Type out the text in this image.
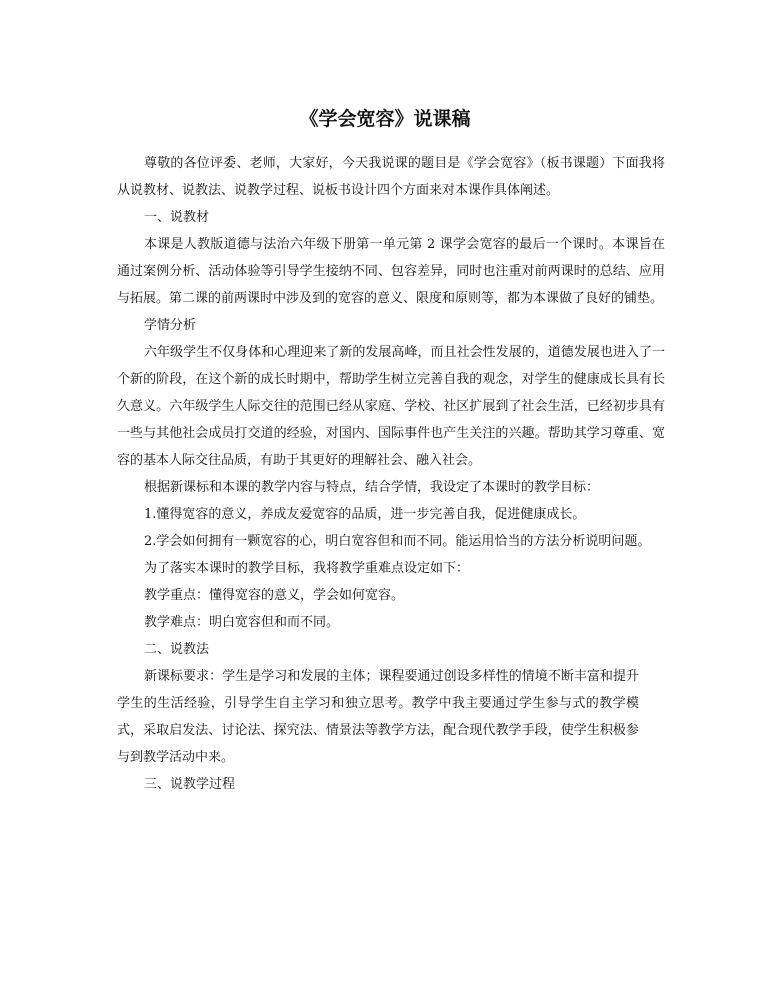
《学会宽容》说课稿

尊敬的各位评委、老师，大家好，今天我说课的题目是《学会宽容》（板书课题）下面我将从说教材、说教法、说教学过程、说板书设计四个方面来对本课作具体阐述。

一、说教材

本课是人教版道德与法治六年级下册第一单元第 2 课学会宽容的最后一个课时。本课旨在通过案例分析、活动体验等引导学生接纳不同、包容差异，同时也注重对前两课时的总结、应用与拓展。第二课的前两课时中涉及到的宽容的意义、限度和原则等，都为本课做了良好的铺垫。

学情分析

六年级学生不仅身体和心理迎来了新的发展高峰，而且社会性发展的，道德发展也进入了一个新的阶段，在这个新的成长时期中，帮助学生树立完善自我的观念，对学生的健康成长具有长久意义。六年级学生人际交往的范围已经从家庭、学校、社区扩展到了社会生活，已经初步具有一些与其他社会成员打交道的经验，对国内、国际事件也产生关注的兴趣。帮助其学习尊重、宽容的基本人际交往品质，有助于其更好的理解社会、融入社会。

根据新课标和本课的教学内容与特点，结合学情，我设定了本课时的教学目标：

1.懂得宽容的意义，养成友爱宽容的品质，进一步完善自我，促进健康成长。

2.学会如何拥有一颗宽容的心，明白宽容但和而不同。能运用恰当的方法分析说明问题。

为了落实本课时的教学目标，我将教学重难点设定如下：

教学重点：懂得宽容的意义，学会如何宽容。

教学难点：明白宽容但和而不同。

二、说教法

新课标要求：学生是学习和发展的主体；课程要通过创设多样性的情境不断丰富和提升学生的生活经验，引导学生自主学习和独立思考。教学中我主要通过学生参与式的教学模式，采取启发法、讨论法、探究法、情景法等教学方法，配合现代教学手段，使学生积极参与到教学活动中来。

三、说教学过程
